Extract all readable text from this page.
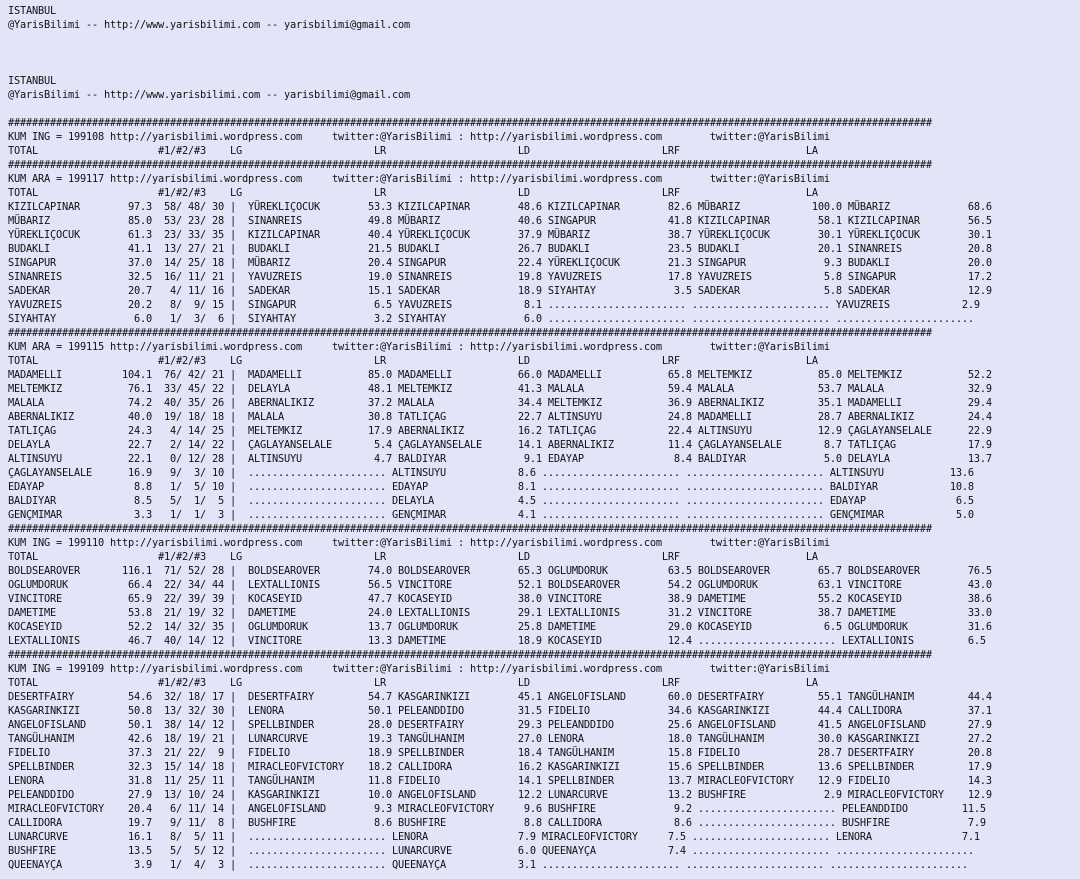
ISTANBUL
@YarisBilimi -- http://www.yarisbilimi.com -- yarisbilimi@gmail.com

ISTANBUL
@YarisBilimi -- http://www.yarisbilimi.com -- yarisbilimi@gmail.com

##########################################################################################################################################################
KUM ING = 199108 http://yarisbilimi.wordpress.com     twitter:@YarisBilimi : http://yarisbilimi.wordpress.com        twitter:@YarisBilimi
TOTAL                    #1/#2/#3    LG                      LR                      LD                      LRF                     LA
##########################################################################################################################################################
KUM ARA = 199117 http://yarisbilimi.wordpress.com     twitter:@YarisBilimi : http://yarisbilimi.wordpress.com        twitter:@YarisBilimi
TOTAL                    #1/#2/#3    LG                      LR                      LD                      LRF                     LA
KIZILCAPINAR        97.3  58/ 48/ 30 |  YÜREKLIÇOCUK        53.3 KIZILCAPINAR        48.6 KIZILCAPINAR        82.6 MÜBARIZ            100.0 MÜBARIZ             68.6
MÜBARIZ             85.0  53/ 23/ 28 |  SINANREIS           49.8 MÜBARIZ             40.6 SINGAPUR            41.8 KIZILCAPINAR        58.1 KIZILCAPINAR        56.5
YÜREKLIÇOCUK        61.3  23/ 33/ 35 |  KIZILCAPINAR        40.4 YÜREKLIÇOCUK        37.9 MÜBARIZ             38.7 YÜREKLIÇOCUK        30.1 YÜREKLIÇOCUK        30.1
BUDAKLI             41.1  13/ 27/ 21 |  BUDAKLI             21.5 BUDAKLI             26.7 BUDAKLI             23.5 BUDAKLI             20.1 SINANREIS           20.8
SINGAPUR            37.0  14/ 25/ 18 |  MÜBARIZ             20.4 SINGAPUR            22.4 YÜREKLIÇOCUK        21.3 SINGAPUR             9.3 BUDAKLI             20.0
SINANREIS           32.5  16/ 11/ 21 |  YAVUZREIS           19.0 SINANREIS           19.8 YAVUZREIS           17.8 YAVUZREIS            5.8 SINGAPUR            17.2
SADEKAR             20.7   4/ 11/ 16 |  SADEKAR             15.1 SADEKAR             18.9 SIYAHTAY             3.5 SADEKAR              5.8 SADEKAR             12.9
YAVUZREIS           20.2   8/  9/ 15 |  SINGAPUR             6.5 YAVUZREIS            8.1 ....................... ....................... YAVUZREIS            2.9
SIYAHTAY             6.0   1/  3/  6 |  SIYAHTAY             3.2 SIYAHTAY             6.0 ....................... ....................... .......................
##########################################################################################################################################################
KUM ARA = 199115 http://yarisbilimi.wordpress.com     twitter:@YarisBilimi : http://yarisbilimi.wordpress.com        twitter:@YarisBilimi
TOTAL                    #1/#2/#3    LG                      LR                      LD                      LRF                     LA
MADAMELLI          104.1  76/ 42/ 21 |  MADAMELLI           85.0 MADAMELLI           66.0 MADAMELLI           65.8 MELTEMKIZ           85.0 MELTEMKIZ           52.2
MELTEMKIZ           76.1  33/ 45/ 22 |  DELAYLA             48.1 MELTEMKIZ           41.3 MALALA              59.4 MALALA              53.7 MALALA              32.9
MALALA              74.2  40/ 35/ 26 |  ABERNALIKIZ         37.2 MALALA              34.4 MELTEMKIZ           36.9 ABERNALIKIZ         35.1 MADAMELLI           29.4
ABERNALIKIZ         40.0  19/ 18/ 18 |  MALALA              30.8 TATLIÇAG            22.7 ALTINSUYU           24.8 MADAMELLI           28.7 ABERNALIKIZ         24.4
TATLIÇAG            24.3   4/ 14/ 25 |  MELTEMKIZ           17.9 ABERNALIKIZ         16.2 TATLIÇAG            22.4 ALTINSUYU           12.9 ÇAGLAYANSELALE      22.9
DELAYLA             22.7   2/ 14/ 22 |  ÇAGLAYANSELALE       5.4 ÇAGLAYANSELALE      14.1 ABERNALIKIZ         11.4 ÇAGLAYANSELALE       8.7 TATLIÇAG            17.9
ALTINSUYU           22.1   0/ 12/ 28 |  ALTINSUYU            4.7 BALDIYAR             9.1 EDAYAP               8.4 BALDIYAR             5.0 DELAYLA             13.7
ÇAGLAYANSELALE      16.9   9/  3/ 10 |  ....................... ALTINSUYU            8.6 ....................... ....................... ALTINSUYU           13.6
EDAYAP               8.8   1/  5/ 10 |  ....................... EDAYAP               8.1 ....................... ....................... BALDIYAR            10.8
BALDIYAR             8.5   5/  1/  5 |  ....................... DELAYLA              4.5 ....................... ....................... EDAYAP               6.5
GENÇMIMAR            3.3   1/  1/  3 |  ....................... GENÇMIMAR            4.1 ....................... ....................... GENÇMIMAR            5.0
##########################################################################################################################################################
KUM ING = 199110 http://yarisbilimi.wordpress.com     twitter:@YarisBilimi : http://yarisbilimi.wordpress.com        twitter:@YarisBilimi
TOTAL                    #1/#2/#3    LG                      LR                      LD                      LRF                     LA
BOLDSEAROVER       116.1  71/ 52/ 28 |  BOLDSEAROVER        74.0 BOLDSEAROVER        65.3 OGLUMDORUK          63.5 BOLDSEAROVER        65.7 BOLDSEAROVER        76.5
OGLUMDORUK          66.4  22/ 34/ 44 |  LEXTALLIONIS        56.5 VINCITORE           52.1 BOLDSEAROVER        54.2 OGLUMDORUK          63.1 VINCITORE           43.0
VINCITORE           65.9  22/ 39/ 39 |  KOCASEYID           47.7 KOCASEYID           38.0 VINCITORE           38.9 DAMETIME            55.2 KOCASEYID           38.6
DAMETIME            53.8  21/ 19/ 32 |  DAMETIME            24.0 LEXTALLIONIS        29.1 LEXTALLIONIS        31.2 VINCITORE           38.7 DAMETIME            33.0
KOCASEYID           52.2  14/ 32/ 35 |  OGLUMDORUK          13.7 OGLUMDORUK          25.8 DAMETIME            29.0 KOCASEYID            6.5 OGLUMDORUK          31.6
LEXTALLIONIS        46.7  40/ 14/ 12 |  VINCITORE           13.3 DAMETIME            18.9 KOCASEYID           12.4 ....................... LEXTALLIONIS         6.5
##########################################################################################################################################################
KUM ING = 199109 http://yarisbilimi.wordpress.com     twitter:@YarisBilimi : http://yarisbilimi.wordpress.com        twitter:@YarisBilimi
TOTAL                    #1/#2/#3    LG                      LR                      LD                      LRF                     LA
DESERTFAIRY         54.6  32/ 18/ 17 |  DESERTFAIRY         54.7 KASGARINKIZI        45.1 ANGELOFISLAND       60.0 DESERTFAIRY         55.1 TANGÜLHANIM         44.4
KASGARINKIZI        50.8  13/ 32/ 30 |  LENORA              50.1 PELEANDDIDO         31.5 FIDELIO             34.6 KASGARINKIZI        44.4 CALLIDORA           37.1
ANGELOFISLAND       50.1  38/ 14/ 12 |  SPELLBINDER         28.0 DESERTFAIRY         29.3 PELEANDDIDO         25.6 ANGELOFISLAND       41.5 ANGELOFISLAND       27.9
TANGÜLHANIM         42.6  18/ 19/ 21 |  LUNARCURVE          19.3 TANGÜLHANIM         27.0 LENORA              18.0 TANGÜLHANIM         30.0 KASGARINKIZI        27.2
FIDELIO             37.3  21/ 22/  9 |  FIDELIO             18.9 SPELLBINDER         18.4 TANGÜLHANIM         15.8 FIDELIO             28.7 DESERTFAIRY         20.8
SPELLBINDER         32.3  15/ 14/ 18 |  MIRACLEOFVICTORY    18.2 CALLIDORA           16.2 KASGARINKIZI        15.6 SPELLBINDER         13.6 SPELLBINDER         17.9
LENORA              31.8  11/ 25/ 11 |  TANGÜLHANIM         11.8 FIDELIO             14.1 SPELLBINDER         13.7 MIRACLEOFVICTORY    12.9 FIDELIO             14.3
PELEANDDIDO         27.9  13/ 10/ 24 |  KASGARINKIZI        10.0 ANGELOFISLAND       12.2 LUNARCURVE          13.2 BUSHFIRE             2.9 MIRACLEOFVICTORY    12.9
MIRACLEOFVICTORY    20.4   6/ 11/ 14 |  ANGELOFISLAND        9.3 MIRACLEOFVICTORY     9.6 BUSHFIRE             9.2 ....................... PELEANDDIDO         11.5
CALLIDORA           19.7   9/ 11/  8 |  BUSHFIRE             8.6 BUSHFIRE             8.8 CALLIDORA            8.6 ....................... BUSHFIRE             7.9
LUNARCURVE          16.1   8/  5/ 11 |  ....................... LENORA               7.9 MIRACLEOFVICTORY     7.5 ....................... LENORA               7.1
BUSHFIRE            13.5   5/  5/ 12 |  ....................... LUNARCURVE           6.0 QUEENAYÇA            7.4 ....................... .......................
QUEENAYÇA            3.9   1/  4/  3 |  ....................... QUEENAYÇA            3.1 ....................... ....................... .......................
